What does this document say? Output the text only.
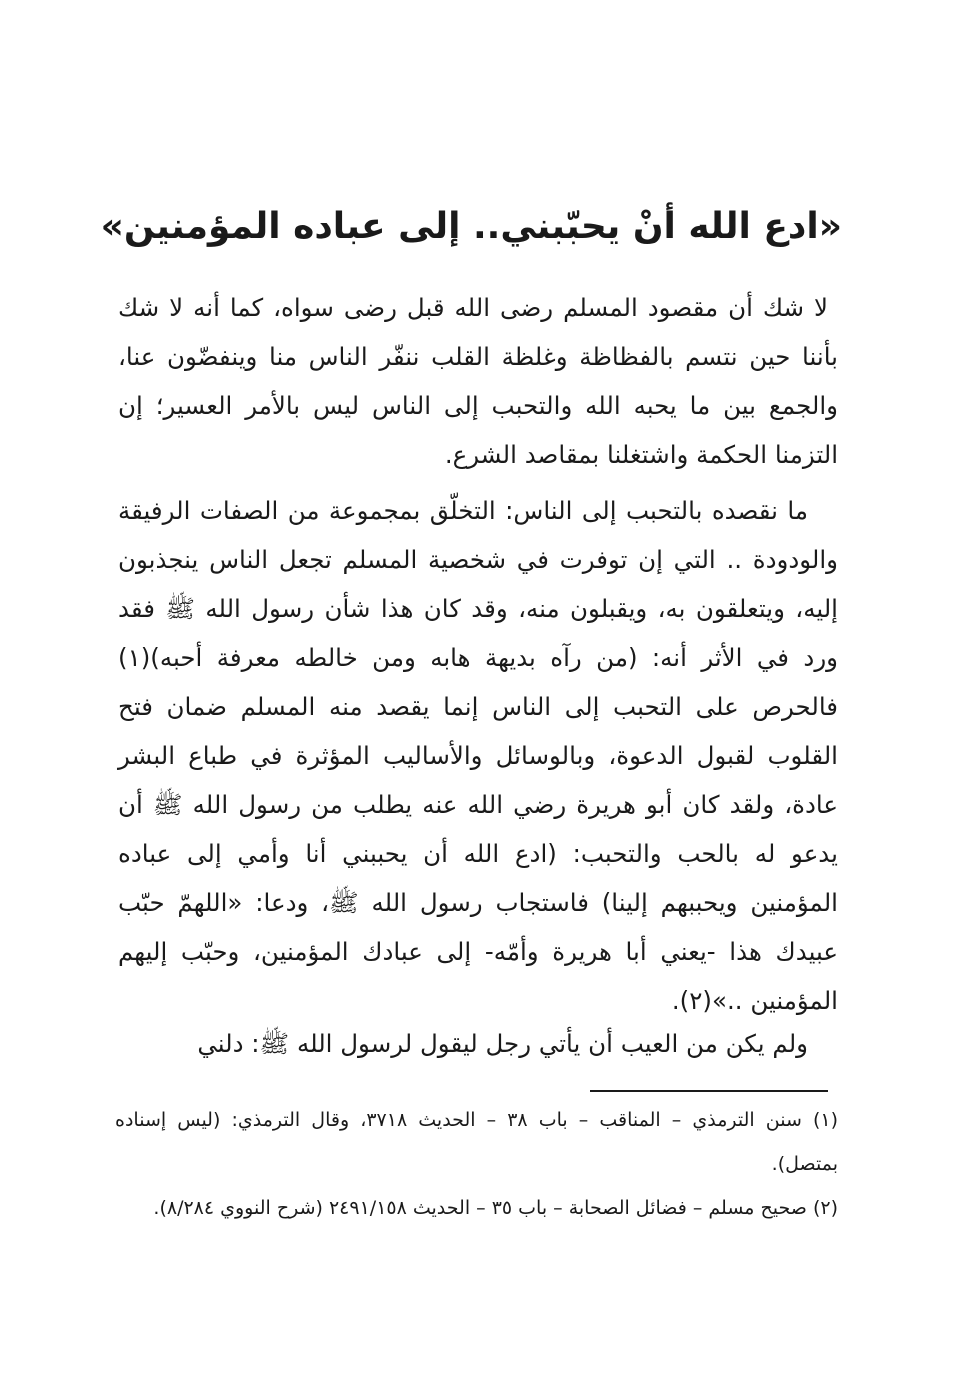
«ادع الله أنْ يحبّبني.. إلى عباده المؤمنين»

لا شك أن مقصود المسلم رضى الله قبل رضى سواه، كما أنه لا شك بأننا حين نتسم بالفظاظة وغلظة القلب ننفّر الناس منا وينفضّون عنا، والجمع بين ما يحبه الله والتحبب إلى الناس ليس بالأمر العسير؛ إن التزمنا الحكمة واشتغلنا بمقاصد الشرع.

ما نقصده بالتحبب إلى الناس: التخلّق بمجموعة من الصفات الرفيقة والودودة .. التي إن توفرت في شخصية المسلم تجعل الناس ينجذبون إليه، ويتعلقون به، ويقبلون منه، وقد كان هذا شأن رسول الله ﷺ فقد ورد في الأثر أنه: (من رآه بديهة هابه ومن خالطه معرفة أحبه)(١) فالحرص على التحبب إلى الناس إنما يقصد منه المسلم ضمان فتح القلوب لقبول الدعوة، وبالوسائل والأساليب المؤثرة في طباع البشر عادة، ولقد كان أبو هريرة رضي الله عنه يطلب من رسول الله ﷺ أن يدعو له بالحب والتحبب: (ادع الله أن يحببني أنا وأمي إلى عباده المؤمنين ويحببهم إلينا) فاستجاب رسول الله ﷺ، ودعا: «اللهمّ حبّب عبيدك هذا -يعني أبا هريرة وأمّه- إلى عبادك المؤمنين، وحبّب إليهم المؤمنين ..»(٢).

ولم يكن من العيب أن يأتي رجل ليقول لرسول الله ﷺ: دلني

(١) سنن الترمذي – المناقب – باب ٣٨ – الحديث ٣٧١٨، وقال الترمذي: (ليس إسناده بمتصل).

(٢) صحيح مسلم – فضائل الصحابة – باب ٣٥ – الحديث ٢٤٩١/١٥٨ (شرح النووي ٨/٢٨٤).
